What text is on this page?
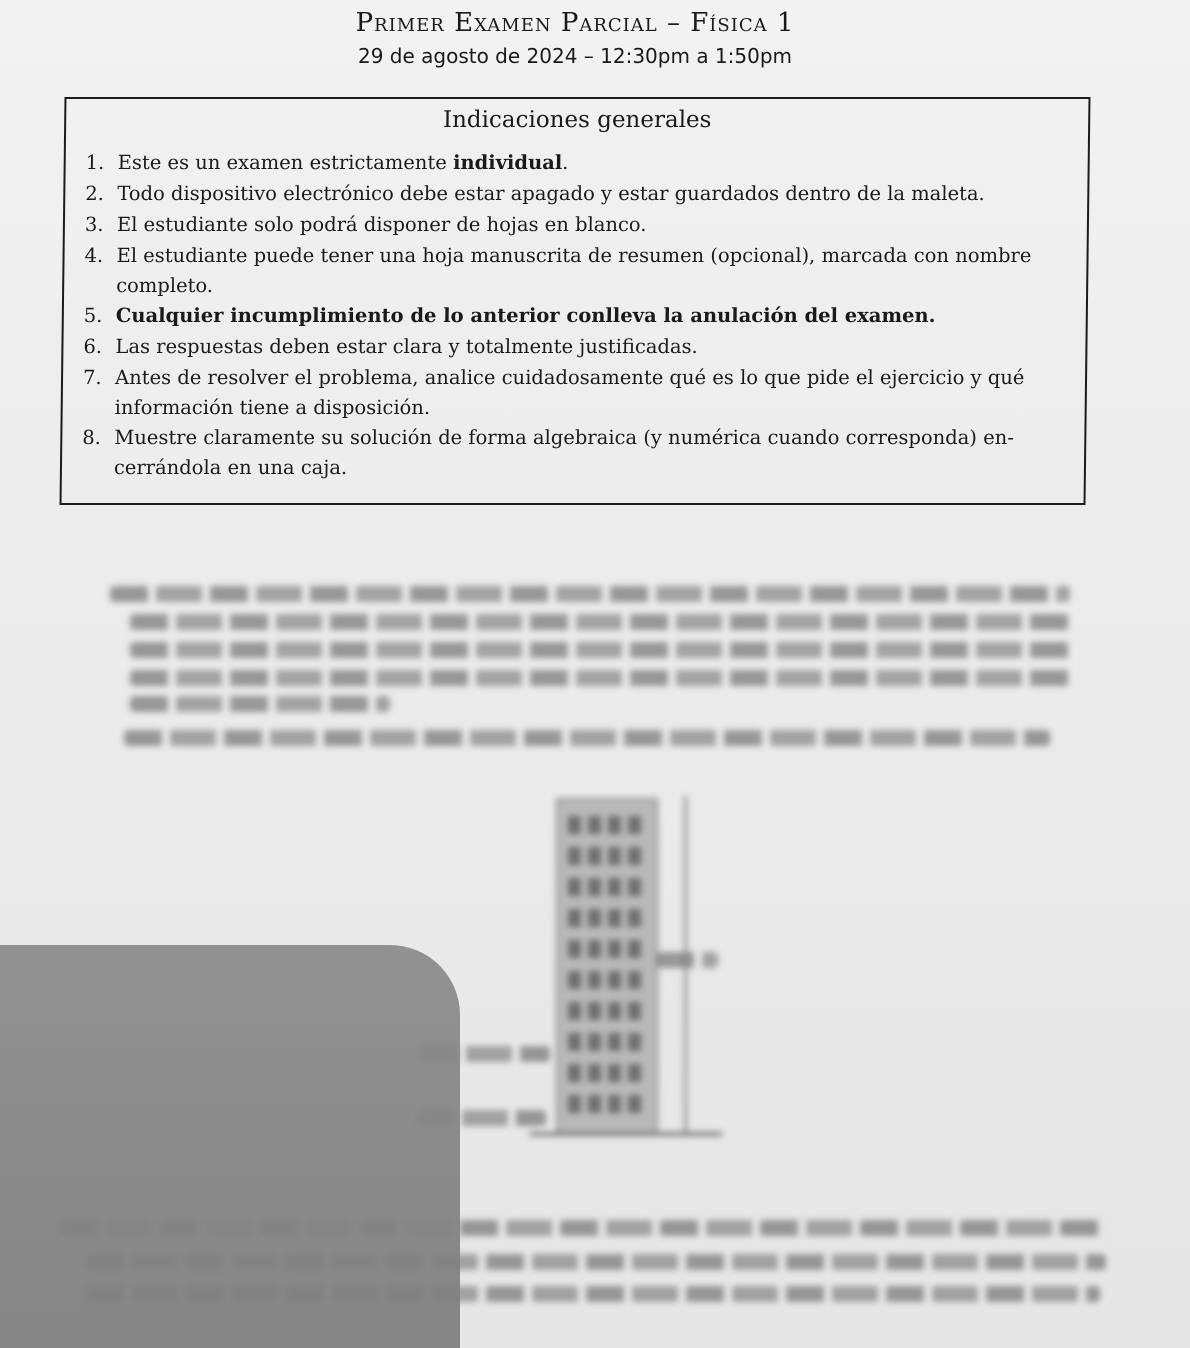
Primer Examen Parcial – Física 1
29 de agosto de 2024 – 12:30pm a 1:50pm
Indicaciones generales
1. Este es un examen estrictamente individual.
2. Todo dispositivo electrónico debe estar apagado y estar guardados dentro de la maleta.
3. El estudiante solo podrá disponer de hojas en blanco.
4. El estudiante puede tener una hoja manuscrita de resumen (opcional), marcada con nombre
completo.
5. Cualquier incumplimiento de lo anterior conlleva la anulación del examen.
6. Las respuestas deben estar clara y totalmente justificadas.
7. Antes de resolver el problema, analice cuidadosamente qué es lo que pide el ejercicio y qué
información tiene a disposición.
8. Muestre claramente su solución de forma algebraica (y numérica cuando corresponda) en-
cerrándola en una caja.
